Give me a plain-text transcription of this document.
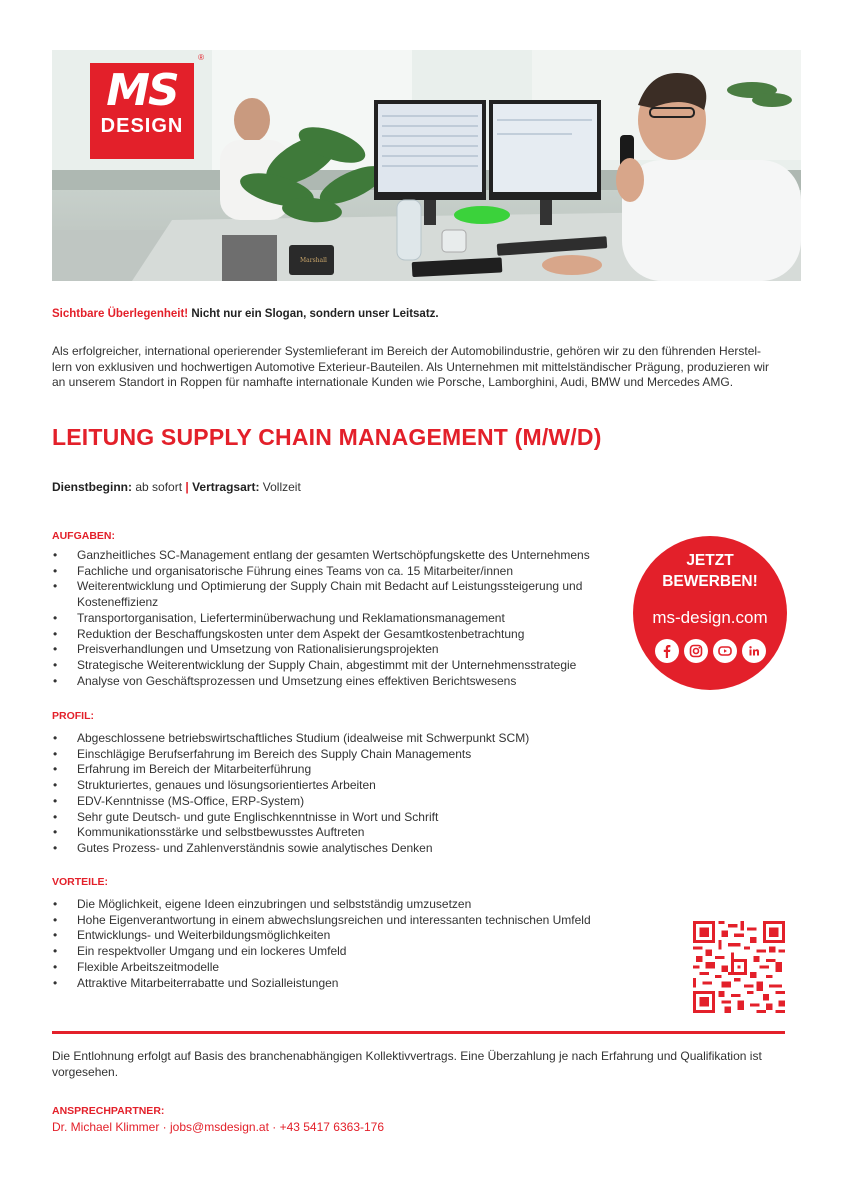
Marshall
MS
DESIGN
®
Sichtbare Überlegenheit! Nicht nur ein Slogan, sondern unser Leitsatz.

Als erfolgreicher, international operierender Systemlieferant im Bereich der Automobilindustrie, gehören wir zu den führenden Herstel-lern von exklusiven und hochwertigen Automotive Exterieur-Bauteilen. Als Unternehmen mit mittelständischer Prägung, produzieren wir an unserem Standort in Roppen für namhafte internationale Kunden wie Porsche, Lamborghini, Audi, BMW und Mercedes AMG.

LEITUNG SUPPLY CHAIN MANAGEMENT (M/W/D)
Dienstbeginn: ab sofort | Vertragsart: Vollzeit
AUFGABEN:
• Ganzheitliches SC-Management entlang der gesamten Wertschöpfungskette des Unternehmens
• Fachliche und organisatorische Führung eines Teams von ca. 15 Mitarbeiter/innen
• Weiterentwicklung und Optimierung der Supply Chain mit Bedacht auf Leistungssteigerung und Kosteneffizienz
• Transportorganisation, Lieferterminüberwachung und Reklamationsmanagement
• Reduktion der Beschaffungskosten unter dem Aspekt der Gesamtkostenbetrachtung
• Preisverhandlungen und Umsetzung von Rationalisierungsprojekten
• Strategische Weiterentwicklung der Supply Chain, abgestimmt mit der Unternehmensstrategie
• Analyse von Geschäftsprozessen und Umsetzung eines effektiven Berichtswesens
PROFIL:
• Abgeschlossene betriebswirtschaftliches Studium (idealweise mit Schwerpunkt SCM)
• Einschlägige Berufserfahrung im Bereich des Supply Chain Managements
• Erfahrung im Bereich der Mitarbeiterführung
• Strukturiertes, genaues und lösungsorientiertes Arbeiten
• EDV-Kenntnisse (MS-Office, ERP-System)
• Sehr gute Deutsch- und gute Englischkenntnisse in Wort und Schrift
• Kommunikationsstärke und selbstbewusstes Auftreten
• Gutes Prozess- und Zahlenverständnis sowie analytisches Denken
VORTEILE:
• Die Möglichkeit, eigene Ideen einzubringen und selbstständig umzusetzen
• Hohe Eigenverantwortung in einem abwechslungsreichen und interessanten technischen Umfeld
• Entwicklungs- und Weiterbildungsmöglichkeiten
• Ein respektvoller Umgang und ein lockeres Umfeld
• Flexible Arbeitszeitmodelle
• Attraktive Mitarbeiterrabatte und Sozialleistungen
JETZT
BEWERBEN!
ms-design.com

Die Entlohnung erfolgt auf Basis des branchenabhängigen Kollektivvertrags. Eine Überzahlung je nach Erfahrung und Qualifikation ist vorgesehen.

ANSPRECHPARTNER:
Dr. Michael Klimmer · jobs@msdesign.at · +43 5417 6363-176
